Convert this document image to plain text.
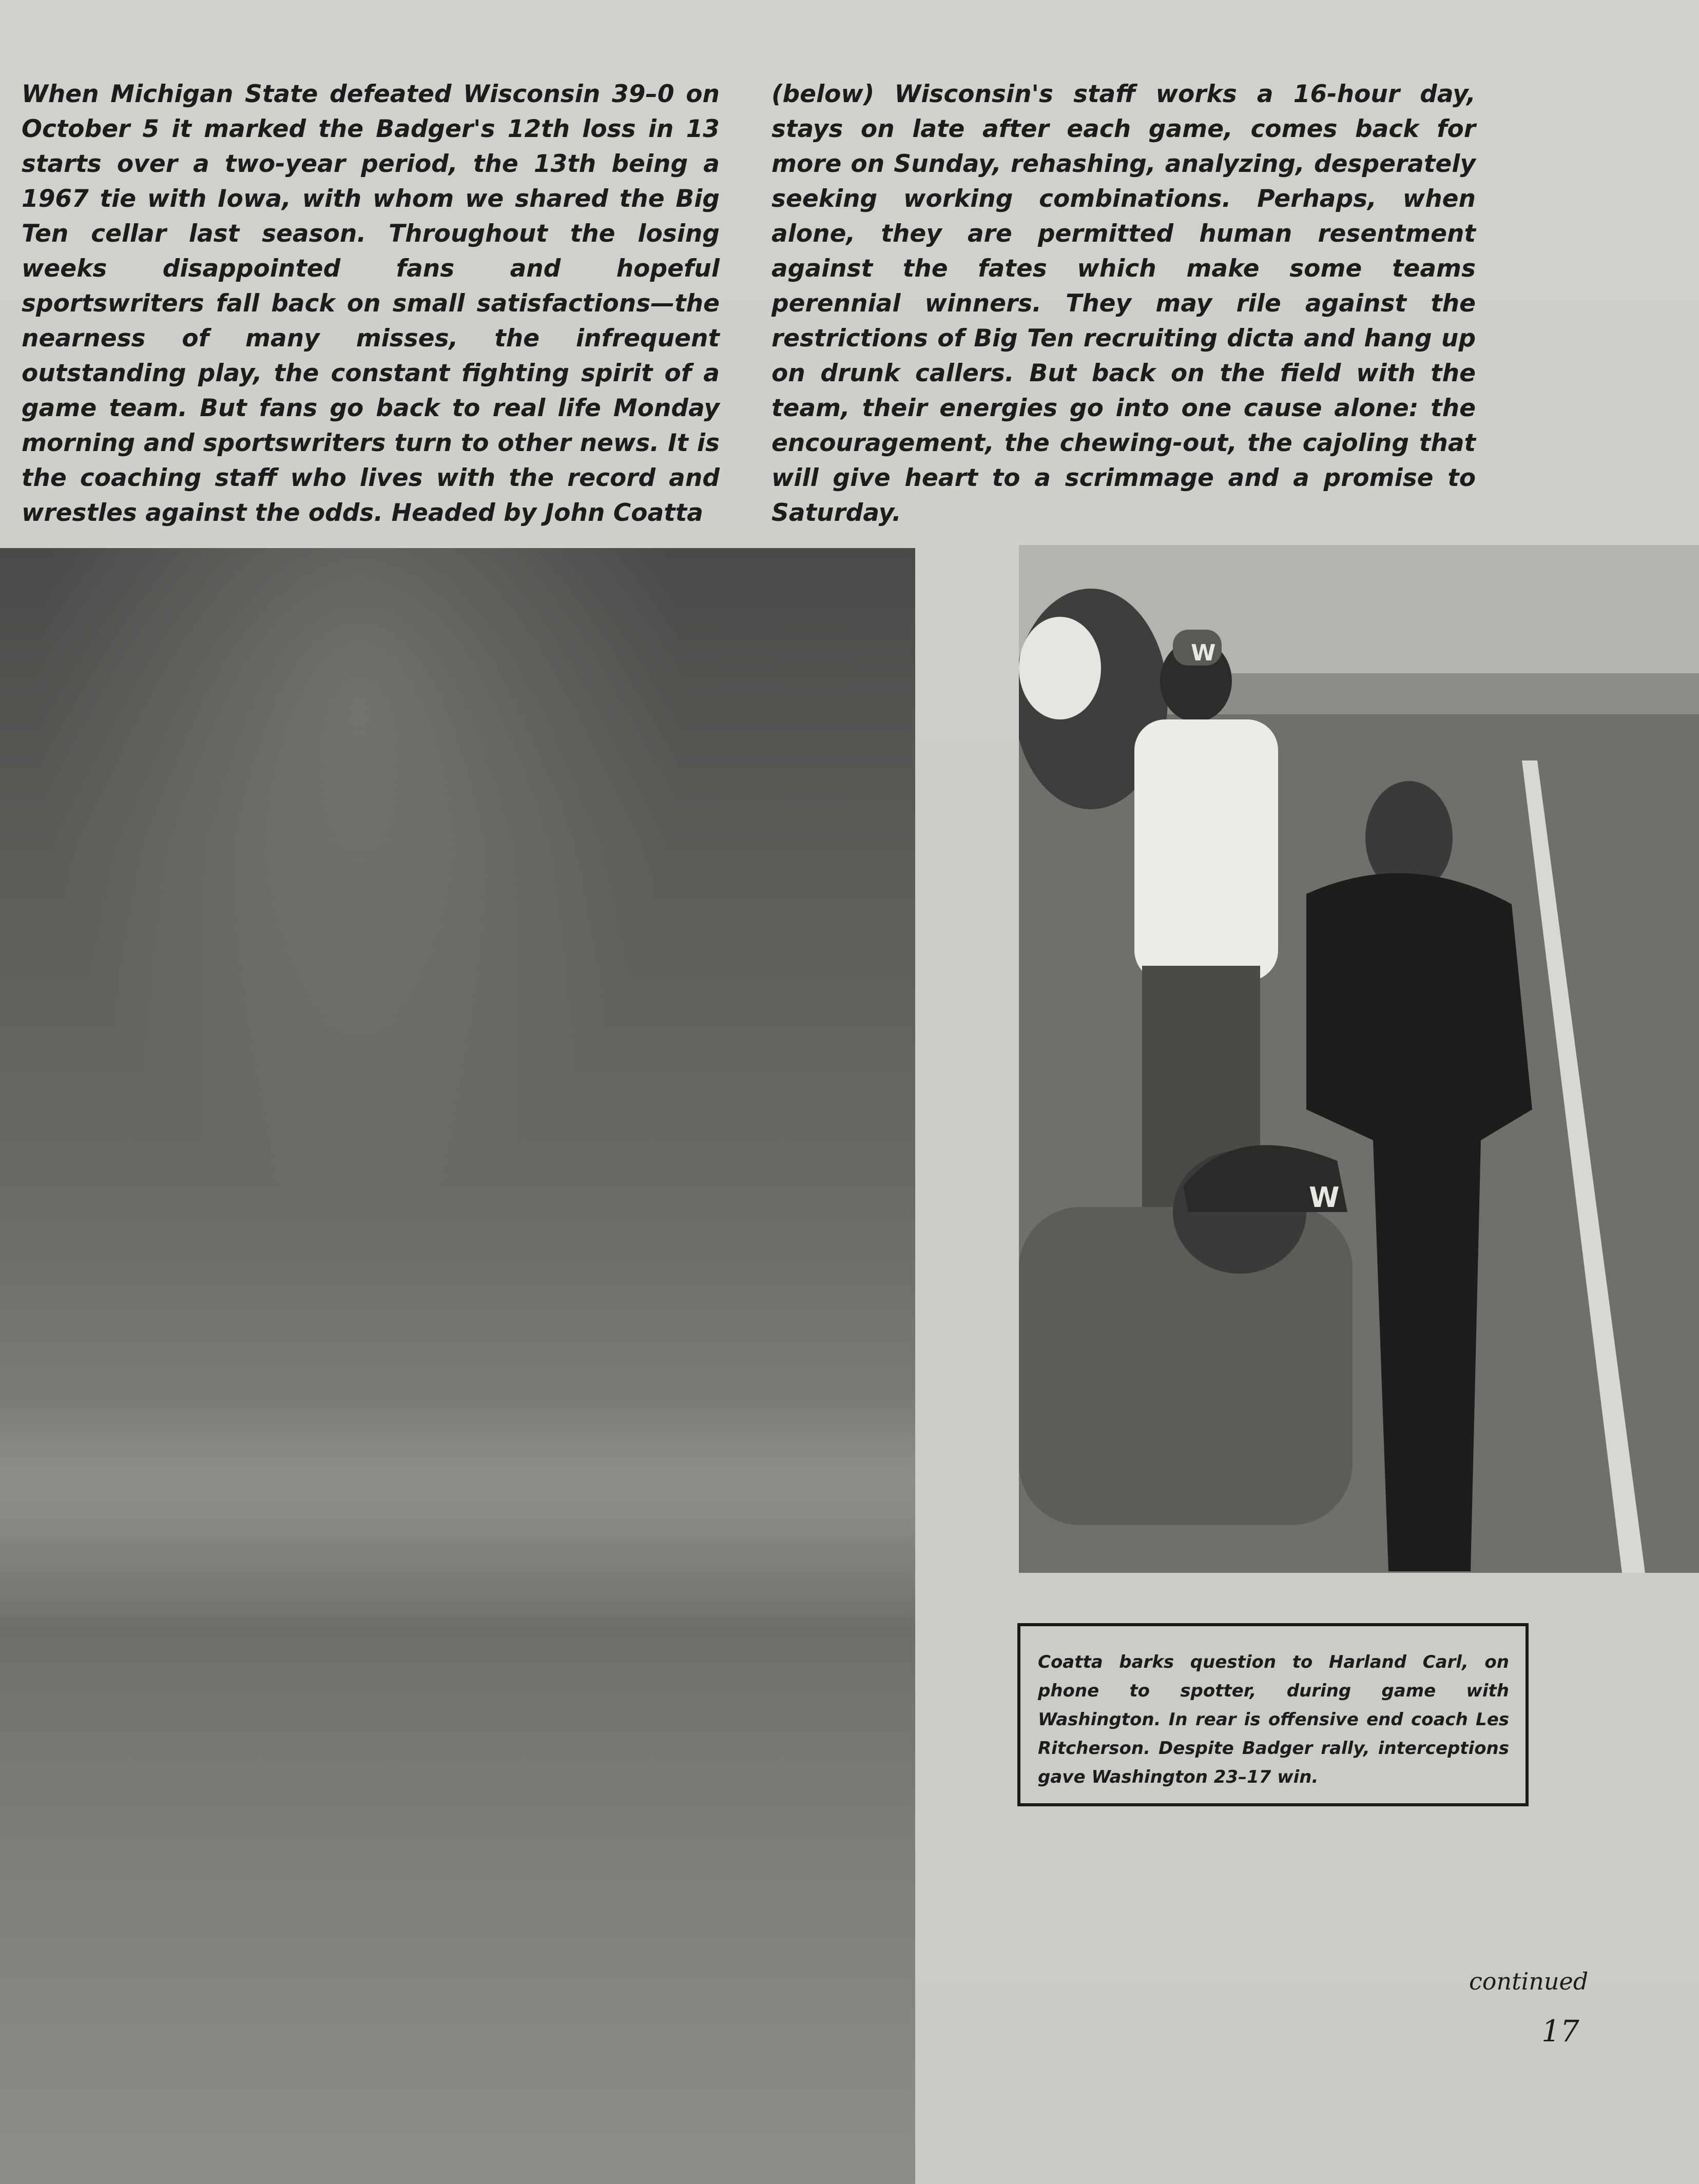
When Michigan State defeated Wisconsin 39–0 on October 5 it marked the Badger's 12th loss in 13 starts over a two-year period, the 13th being a 1967 tie with Iowa, with whom we shared the Big Ten cellar last season. Throughout the losing weeks disappointed fans and hopeful sportswriters fall back on small satisfactions—the nearness of many misses, the infrequent outstanding play, the constant fighting spirit of a game team. But fans go back to real life Monday morning and sportswriters turn to other news. It is the coaching staff who lives with the record and wrestles against the odds. Headed by John Coatta
(below) Wisconsin's staff works a 16-hour day, stays on late after each game, comes back for more on Sunday, rehashing, analyzing, desperately seeking working combinations. Perhaps, when alone, they are permitted human resentment against the fates which make some teams perennial winners. They may rile against the restrictions of Big Ten recruiting dicta and hang up on drunk callers. But back on the field with the team, their energies go into one cause alone: the encouragement, the chewing-out, the cajoling that will give heart to a scrimmage and a promise to Saturday.
W
W
Coatta barks question to Harland Carl, on phone to spotter, during game with Washington. In rear is offensive end coach Les Ritcherson. Despite Badger rally, interceptions gave Washington 23–17 win.
continued
17
